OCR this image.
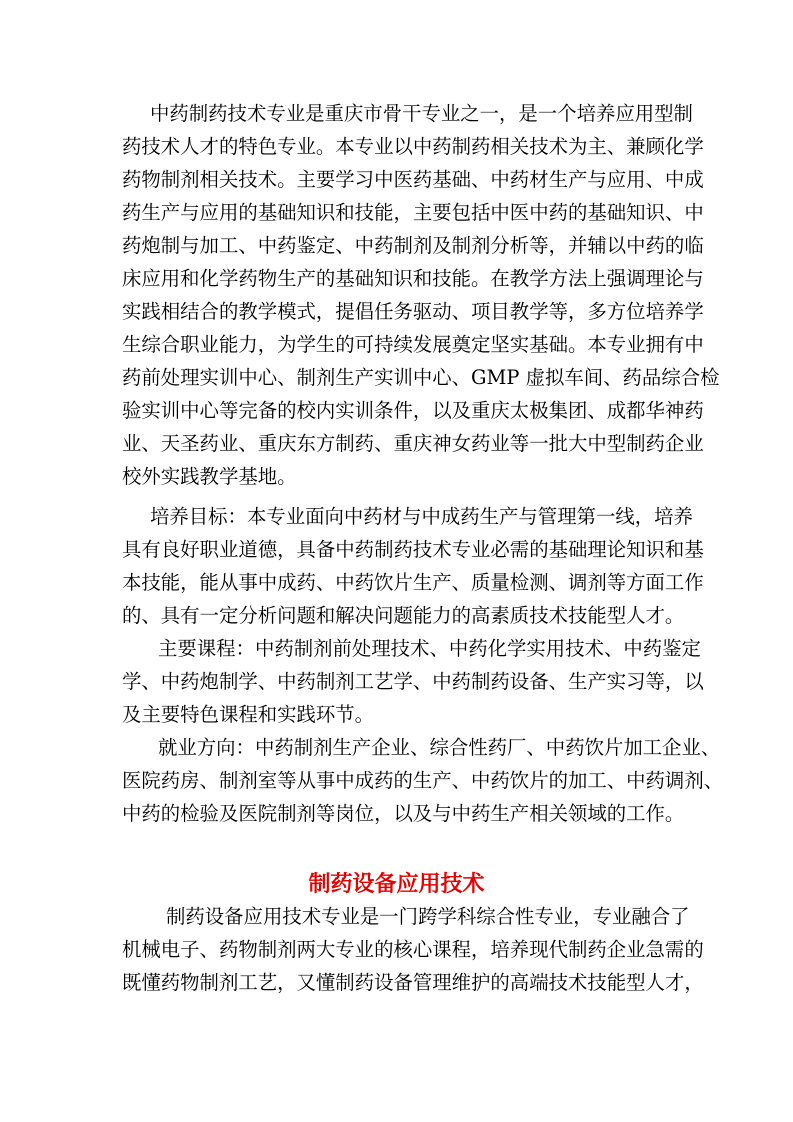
中药制药技术专业是重庆市骨干专业之一，是一个培养应用型制
药技术人才的特色专业。本专业以中药制药相关技术为主、兼顾化学
药物制剂相关技术。主要学习中医药基础、中药材生产与应用、中成
药生产与应用的基础知识和技能，主要包括中医中药的基础知识、中
药炮制与加工、中药鉴定、中药制剂及制剂分析等，并辅以中药的临
床应用和化学药物生产的基础知识和技能。在教学方法上强调理论与
实践相结合的教学模式，提倡任务驱动、项目教学等，多方位培养学
生综合职业能力，为学生的可持续发展奠定坚实基础。本专业拥有中
药前处理实训中心、制剂生产实训中心、GMP 虚拟车间、药品综合检
验实训中心等完备的校内实训条件，以及重庆太极集团、成都华神药
业、天圣药业、重庆东方制药、重庆神女药业等一批大中型制药企业
校外实践教学基地。
培养目标：本专业面向中药材与中成药生产与管理第一线，培养
具有良好职业道德，具备中药制药技术专业必需的基础理论知识和基
本技能，能从事中成药、中药饮片生产、质量检测、调剂等方面工作
的、具有一定分析问题和解决问题能力的高素质技术技能型人才。
主要课程：中药制剂前处理技术、中药化学实用技术、中药鉴定
学、中药炮制学、中药制剂工艺学、中药制药设备、生产实习等，以
及主要特色课程和实践环节。
就业方向：中药制剂生产企业、综合性药厂、中药饮片加工企业、
医院药房、制剂室等从事中成药的生产、中药饮片的加工、中药调剂、
中药的检验及医院制剂等岗位，以及与中药生产相关领域的工作。
制药设备应用技术
制药设备应用技术专业是一门跨学科综合性专业，专业融合了
机械电子、药物制剂两大专业的核心课程，培养现代制药企业急需的
既懂药物制剂工艺，又懂制药设备管理维护的高端技术技能型人才，
